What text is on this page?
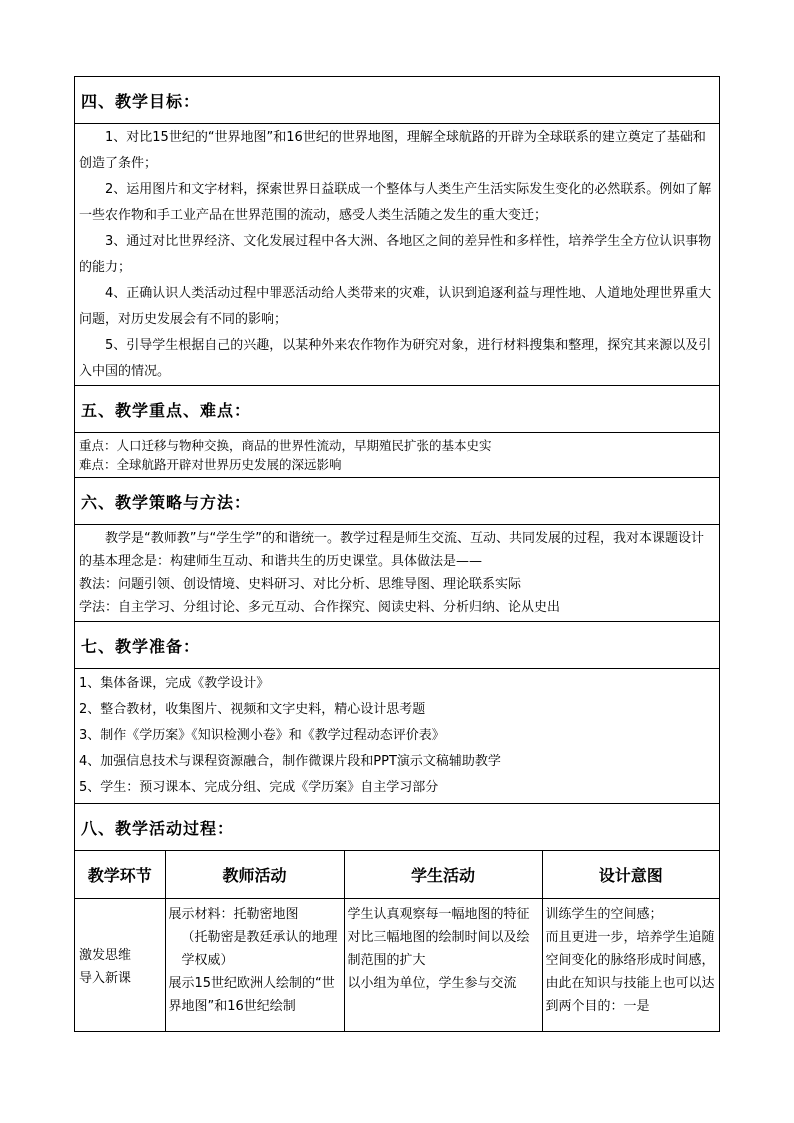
四、教学目标：

1、对比15世纪的“世界地图”和16世纪的世界地图，理解全球航路的开辟为全球联系的建立奠定了基础和创造了条件；

2、运用图片和文字材料，探索世界日益联成一个整体与人类生产生活实际发生变化的必然联系。例如了解一些农作物和手工业产品在世界范围的流动，感受人类生活随之发生的重大变迁；

3、通过对比世界经济、文化发展过程中各大洲、各地区之间的差异性和多样性，培养学生全方位认识事物的能力；

4、正确认识人类活动过程中罪恶活动给人类带来的灾难，认识到追逐利益与理性地、人道地处理世界重大问题，对历史发展会有不同的影响；

5、引导学生根据自己的兴趣，以某种外来农作物作为研究对象，进行材料搜集和整理，探究其来源以及引入中国的情况。

五、教学重点、难点：
重点：人口迁移与物种交换，商品的世界性流动，早期殖民扩张的基本史实
难点：全球航路开辟对世界历史发展的深远影响
六、教学策略与方法：

教学是“教师教”与“学生学”的和谐统一。教学过程是师生交流、互动、共同发展的过程，我对本课题设计的基本理念是：构建师生互动、和谐共生的历史课堂。具体做法是——

教法：问题引领、创设情境、史料研习、对比分析、思维导图、理论联系实际

学法：自主学习、分组讨论、多元互动、合作探究、阅读史料、分析归纳、论从史出

七、教学准备：
1、集体备课，完成《教学设计》
2、整合教材，收集图片、视频和文字史料，精心设计思考题
3、制作《学历案》《知识检测小卷》和《教学过程动态评价表》
4、加强信息技术与课程资源融合，制作微课片段和PPT演示文稿辅助教学
5、学生：预习课本、完成分组、完成《学历案》自主学习部分
八、教学活动过程：
教学环节	教师活动	学生活动	设计意图

激发思维
导入新课	展示材料：托勒密地图
（托勒密是教廷承认的地理学权威）
展示15世纪欧洲人绘制的“世界地图”和16世纪绘制	学生认真观察每一幅地图的特征
对比三幅地图的绘制时间以及绘制范围的扩大
以小组为单位，学生参与交流	训练学生的空间感；
而且更进一步，培养学生追随空间变化的脉络形成时间感，由此在知识与技能上也可以达到两个目的：一是
